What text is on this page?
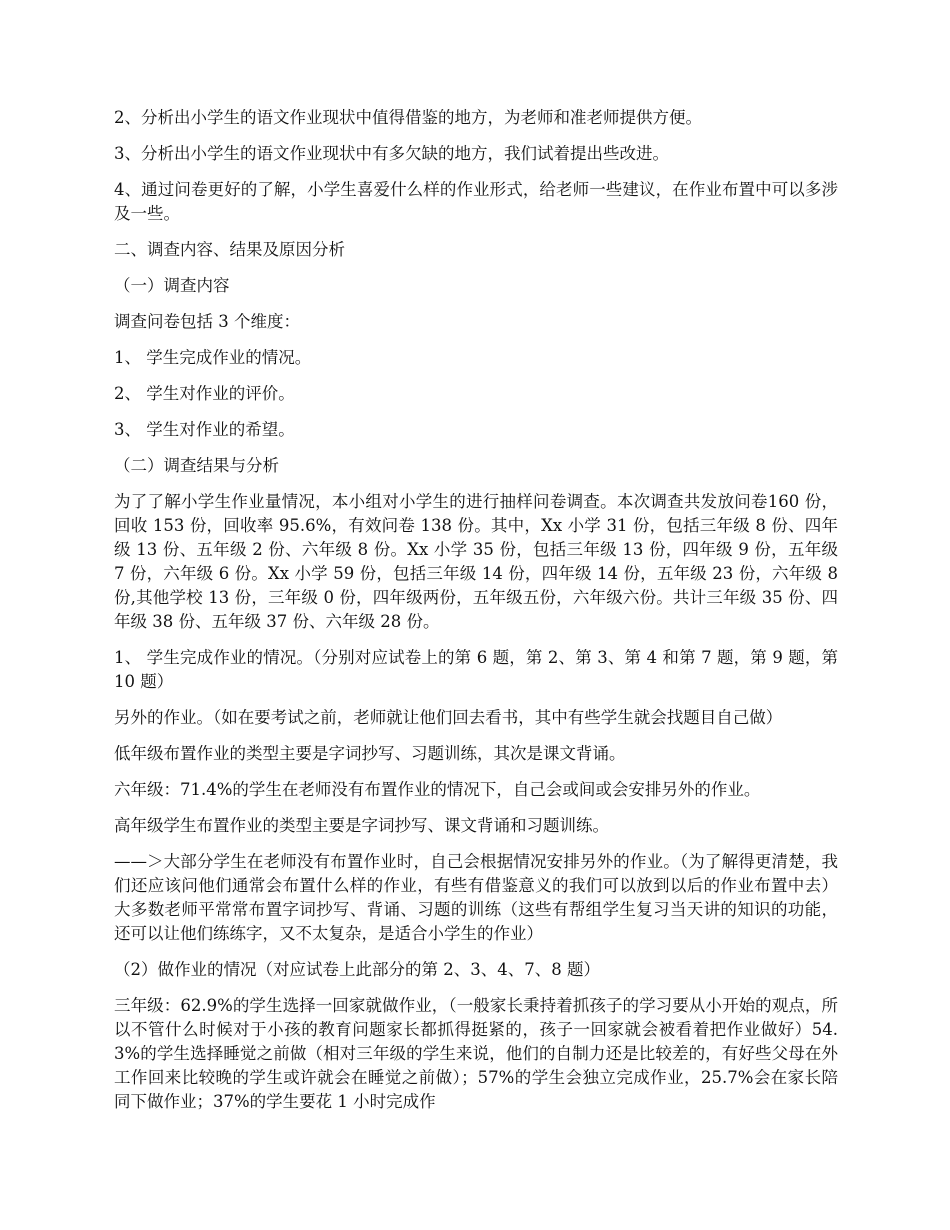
2、分析出小学生的语文作业现状中值得借鉴的地方，为老师和准老师提供方便。

3、分析出小学生的语文作业现状中有多欠缺的地方，我们试着提出些改进。

4、通过问卷更好的了解，小学生喜爱什么样的作业形式，给老师一些建议，在作业布置中可以多涉及一些。

二、调查内容、结果及原因分析

（一）调查内容

调查问卷包括 3 个维度：

1、 学生完成作业的情况。

2、 学生对作业的评价。

3、 学生对作业的希望。

（二）调查结果与分析

为了了解小学生作业量情况，本小组对小学生的进行抽样问卷调查。本次调查共发放问卷160 份，回收 153 份，回收率 95.6%，有效问卷 138 份。其中，Xx 小学 31 份，包括三年级 8 份、四年级 13 份、五年级 2 份、六年级 8 份。Xx 小学 35 份，包括三年级 13 份，四年级 9 份，五年级 7 份，六年级 6 份。Xx 小学 59 份，包括三年级 14 份，四年级 14 份，五年级 23 份，六年级 8 份,其他学校 13 份，三年级 0 份，四年级两份，五年级五份，六年级六份。共计三年级 35 份、四年级 38 份、五年级 37 份、六年级 28 份。

1、 学生完成作业的情况。（分别对应试卷上的第 6 题，第 2、第 3、第 4 和第 7 题，第 9 题，第 10 题）

另外的作业。（如在要考试之前，老师就让他们回去看书，其中有些学生就会找题目自己做）

低年级布置作业的类型主要是字词抄写、习题训练，其次是课文背诵。

六年级：71.4%的学生在老师没有布置作业的情况下，自己会或间或会安排另外的作业。

高年级学生布置作业的类型主要是字词抄写、课文背诵和习题训练。

——＞大部分学生在老师没有布置作业时，自己会根据情况安排另外的作业。（为了解得更清楚，我们还应该问他们通常会布置什么样的作业，有些有借鉴意义的我们可以放到以后的作业布置中去）大多数老师平常常布置字词抄写、背诵、习题的训练（这些有帮组学生复习当天讲的知识的功能，还可以让他们练练字，又不太复杂，是适合小学生的作业）

（2）做作业的情况（对应试卷上此部分的第 2、3、4、7、8 题）

三年级：62.9%的学生选择一回家就做作业，（一般家长秉持着抓孩子的学习要从小开始的观点，所以不管什么时候对于小孩的教育问题家长都抓得挺紧的，孩子一回家就会被看着把作业做好）54.3%的学生选择睡觉之前做（相对三年级的学生来说，他们的自制力还是比较差的，有好些父母在外工作回来比较晚的学生或许就会在睡觉之前做）；57%的学生会独立完成作业，25.7%会在家长陪同下做作业；37%的学生要花 1 小时完成作
